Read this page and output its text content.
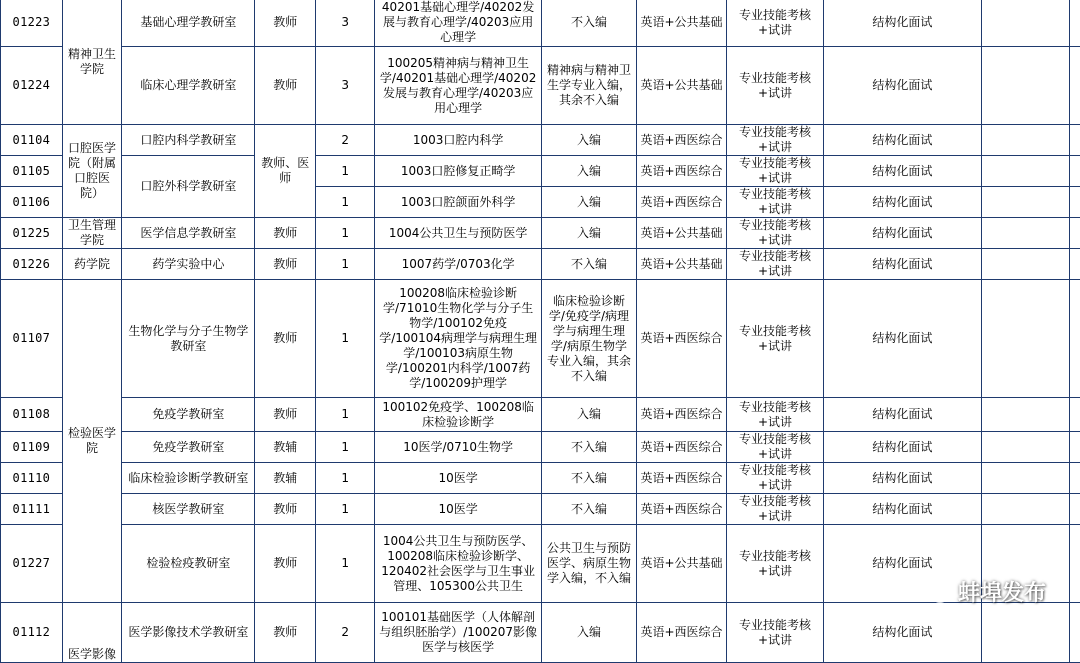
01223	精神卫生学院	基础心理学教研室	教师	3	40201基础心理学/40202发展与教育心理学/40203应用心理学	不入编	英语+公共基础	专业技能考核+试讲	结构化面试		
01224		临床心理学教研室	教师	3	100205精神病与精神卫生学/40201基础心理学/40202发展与教育心理学/40203应用心理学	精神病与精神卫生学专业入编，其余不入编	英语+公共基础	专业技能考核+试讲	结构化面试		
01104	口腔医学院（附属口腔医院）	口腔内科学教研室	教师、医师	2	1003口腔内科学	入编	英语+西医综合	专业技能考核+试讲	结构化面试		
01105		口腔外科学教研室		1	1003口腔修复正畸学	入编	英语+西医综合	专业技能考核+试讲	结构化面试		
01106				1	1003口腔颌面外科学	入编	英语+西医综合	专业技能考核+试讲	结构化面试		
01225	卫生管理学院	医学信息学教研室	教师	1	1004公共卫生与预防医学	入编	英语+公共基础	专业技能考核+试讲	结构化面试		
01226	药学院	药学实验中心	教师	1	1007药学/0703化学	不入编	英语+公共基础	专业技能考核+试讲	结构化面试		
01107	检验医学院	生物化学与分子生物学教研室	教师	1	100208临床检验诊断学/71010生物化学与分子生物学/100102免疫学/100104病理学与病理生理学/100103病原生物学/100201内科学/1007药学/100209护理学	临床检验诊断学/免疫学/病理学与病理生理学/病原生物学专业入编，其余不入编	英语+西医综合	专业技能考核+试讲	结构化面试		
01108		免疫学教研室	教师	1	100102免疫学、100208临床检验诊断学	入编	英语+西医综合	专业技能考核+试讲	结构化面试		
01109		免疫学教研室	教辅	1	10医学/0710生物学	不入编	英语+西医综合	专业技能考核+试讲	结构化面试		
01110		临床检验诊断学教研室	教辅	1	10医学	不入编	英语+西医综合	专业技能考核+试讲	结构化面试		
01111		核医学教研室	教师	1	10医学	不入编	英语+西医综合	专业技能考核+试讲	结构化面试		
01227		检验检疫教研室	教师	1	1004公共卫生与预防医学、100208临床检验诊断学、120402社会医学与卫生事业管理、105300公共卫生	公共卫生与预防医学、病原生物学入编，不入编	英语+公共基础	专业技能考核+试讲	结构化面试		
01112	医学影像	医学影像技术学教研室	教师	2	100101基础医学（人体解剖与组织胚胎学）/100207影像医学与核医学	入编	英语+西医综合	专业技能考核+试讲	结构化面试		
蚌埠发布
